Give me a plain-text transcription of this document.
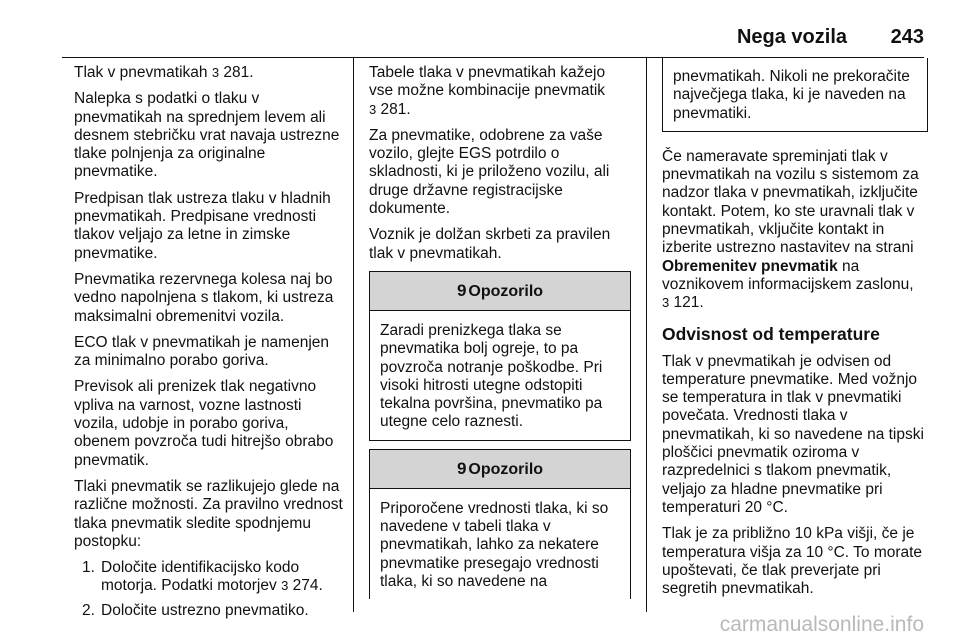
Nega vozila 243

Tlak v pnevmatikah 3 281.

Nalepka s podatki o tlaku v pnevmatikah na sprednjem levem ali desnem stebričku vrat navaja ustrezne tlake polnjenja za originalne pnevmatike.

Predpisan tlak ustreza tlaku v hladnih pnevmatikah. Predpisane vrednosti tlakov veljajo za letne in zimske pnevmatike.

Pnevmatika rezervnega kolesa naj bo vedno napolnjena s tlakom, ki ustreza maksimalni obremenitvi vozila.

ECO tlak v pnevmatikah je namenjen za minimalno porabo goriva.

Previsok ali prenizek tlak negativno vpliva na varnost, vozne lastnosti vozila, udobje in porabo goriva, obenem povzroča tudi hitrejšo obrabo pnevmatik.

Tlaki pnevmatik se razlikujejo glede na različne možnosti. Za pravilno vrednost tlaka pnevmatik sledite spodnjemu postopku:

1. Določite identifikacijsko kodo motorja. Podatki motorjev 3 274.
2. Določite ustrezno pnevmatiko.

Tabele tlaka v pnevmatikah kažejo vse možne kombinacije pnevmatik 3 281.

Za pnevmatike, odobrene za vaše vozilo, glejte EGS potrdilo o skladnosti, ki je priloženo vozilu, ali druge državne registracijske dokumente.

Voznik je dolžan skrbeti za pravilen tlak v pnevmatikah.

9 Opozorilo
Zaradi prenizkega tlaka se pnevmatika bolj ogreje, to pa povzroča notranje poškodbe. Pri visoki hitrosti utegne odstopiti tekalna površina, pnevmatiko pa utegne celo raznesti.
9 Opozorilo
Priporočene vrednosti tlaka, ki so navedene v tabeli tlaka v pnevmatikah, lahko za nekatere pnevmatike presegajo vrednosti tlaka, ki so navedene na
pnevmatikah. Nikoli ne prekoračite največjega tlaka, ki je naveden na pnevmatiki.

Če nameravate spreminjati tlak v pnevmatikah na vozilu s sistemom za nadzor tlaka v pnevmatikah, izključite kontakt. Potem, ko ste uravnali tlak v pnevmatikah, vključite kontakt in izberite ustrezno nastavitev na strani Obremenitev pnevmatik na voznikovem informacijskem zaslonu, 3 121.

Odvisnost od temperature

Tlak v pnevmatikah je odvisen od temperature pnevmatike. Med vožnjo se temperatura in tlak v pnevmatiki povečata. Vrednosti tlaka v pnevmatikah, ki so navedene na tipski ploščici pnevmatik oziroma v razpredelnici s tlakom pnevmatik, veljajo za hladne pnevmatike pri temperaturi 20 °C.

Tlak je za približno 10 kPa višji, če je temperatura višja za 10 °C. To morate upoštevati, če tlak preverjate pri segretih pnevmatikah.

carmanualsonline.info
